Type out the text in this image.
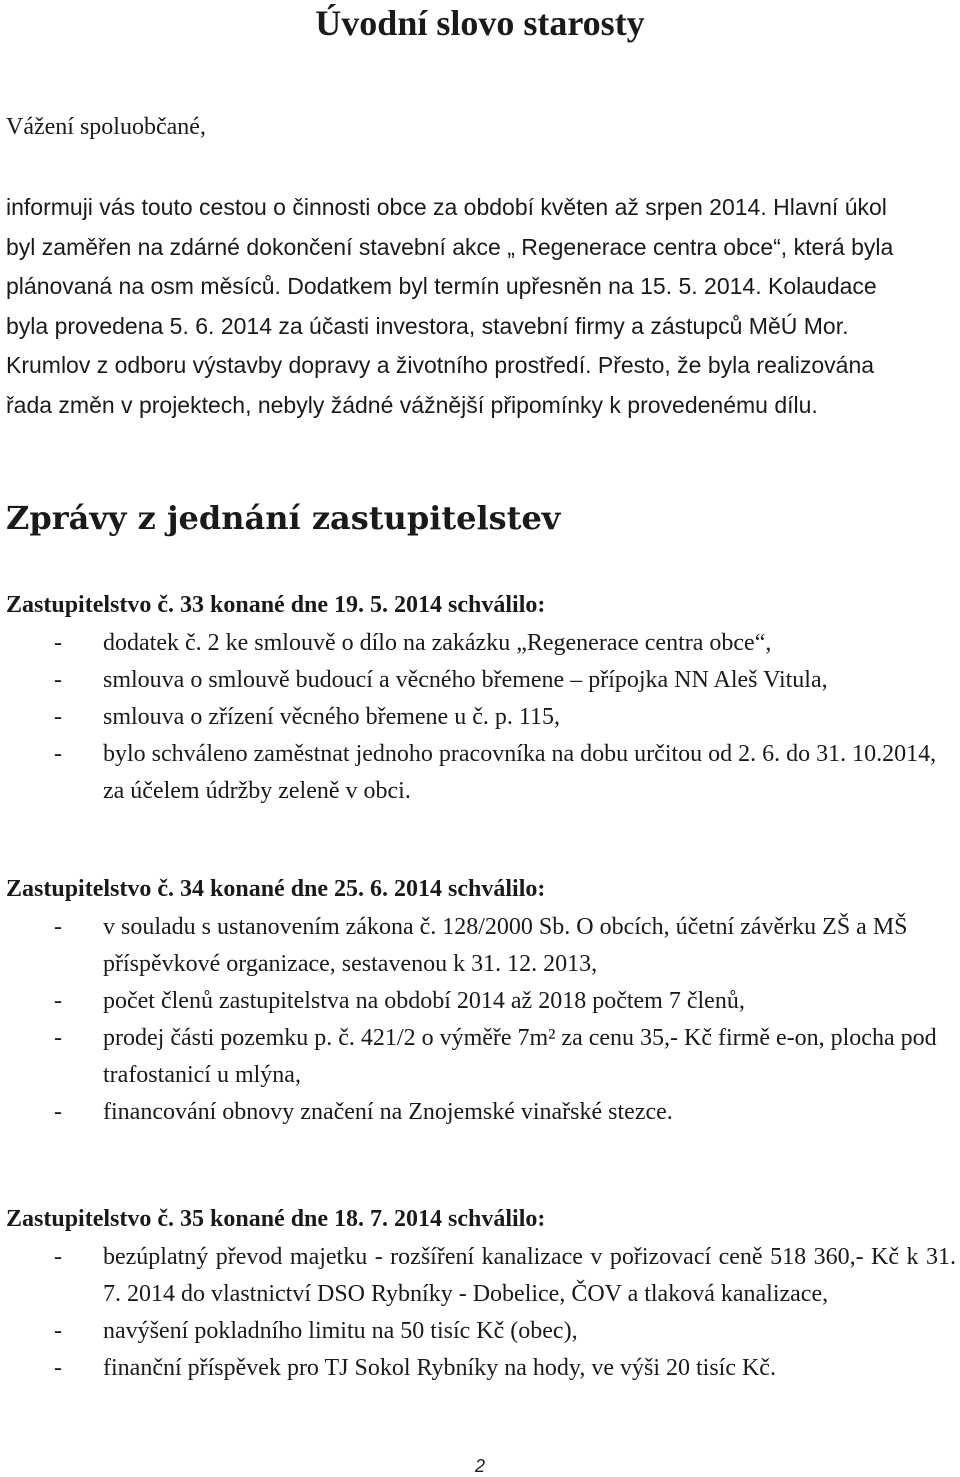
Úvodní slovo starosty

Vážení spoluobčané,

informuji vás touto cestou o činnosti obce za období květen až srpen 2014. Hlavní úkol
byl zaměřen na zdárné dokončení stavební akce „ Regenerace centra obce“, která byla
plánovaná na osm měsíců. Dodatkem byl termín upřesněn na 15. 5. 2014. Kolaudace
byla provedena 5. 6. 2014 za účasti investora, stavební firmy a zástupců MěÚ Mor.
Krumlov z odboru výstavby dopravy a životního prostředí. Přesto, že byla realizována
řada změn v projektech, nebyly žádné vážnější připomínky k provedenému dílu.

Zprávy z jednání zastupitelstev

Zastupitelstvo č. 33 konané dne 19. 5. 2014 schválilo:

- dodatek č. 2 ke smlouvě o dílo na zakázku „Regenerace centra obce“,
- smlouva o smlouvě budoucí a věcného břemene – přípojka NN Aleš Vitula,
- smlouva o zřízení věcného břemene u č. p. 115,
- bylo schváleno zaměstnat jednoho pracovníka na dobu určitou od 2. 6. do 31. 10.2014, za účelem údržby zeleně v obci.

Zastupitelstvo č. 34 konané dne 25. 6. 2014 schválilo:

- v souladu s ustanovením zákona č. 128/2000 Sb. O obcích, účetní závěrku ZŠ a MŠ příspěvkové organizace, sestavenou k 31. 12. 2013,
- počet členů zastupitelstva na období 2014 až 2018 počtem 7 členů,
- prodej části pozemku p. č. 421/2 o výměře 7m² za cenu 35,- Kč firmě e-on, plocha pod trafostanicí u mlýna,
- financování obnovy značení na Znojemské vinařské stezce.

Zastupitelstvo č. 35 konané dne 18. 7. 2014 schválilo:

- bezúplatný převod majetku - rozšíření kanalizace v pořizovací ceně 518 360,- Kč k 31. 7. 2014 do vlastnictví DSO Rybníky - Dobelice, ČOV a tlaková kanalizace,
- navýšení pokladního limitu na 50 tisíc Kč (obec),
- finanční příspěvek pro TJ Sokol Rybníky na hody, ve výši 20 tisíc Kč.
2
